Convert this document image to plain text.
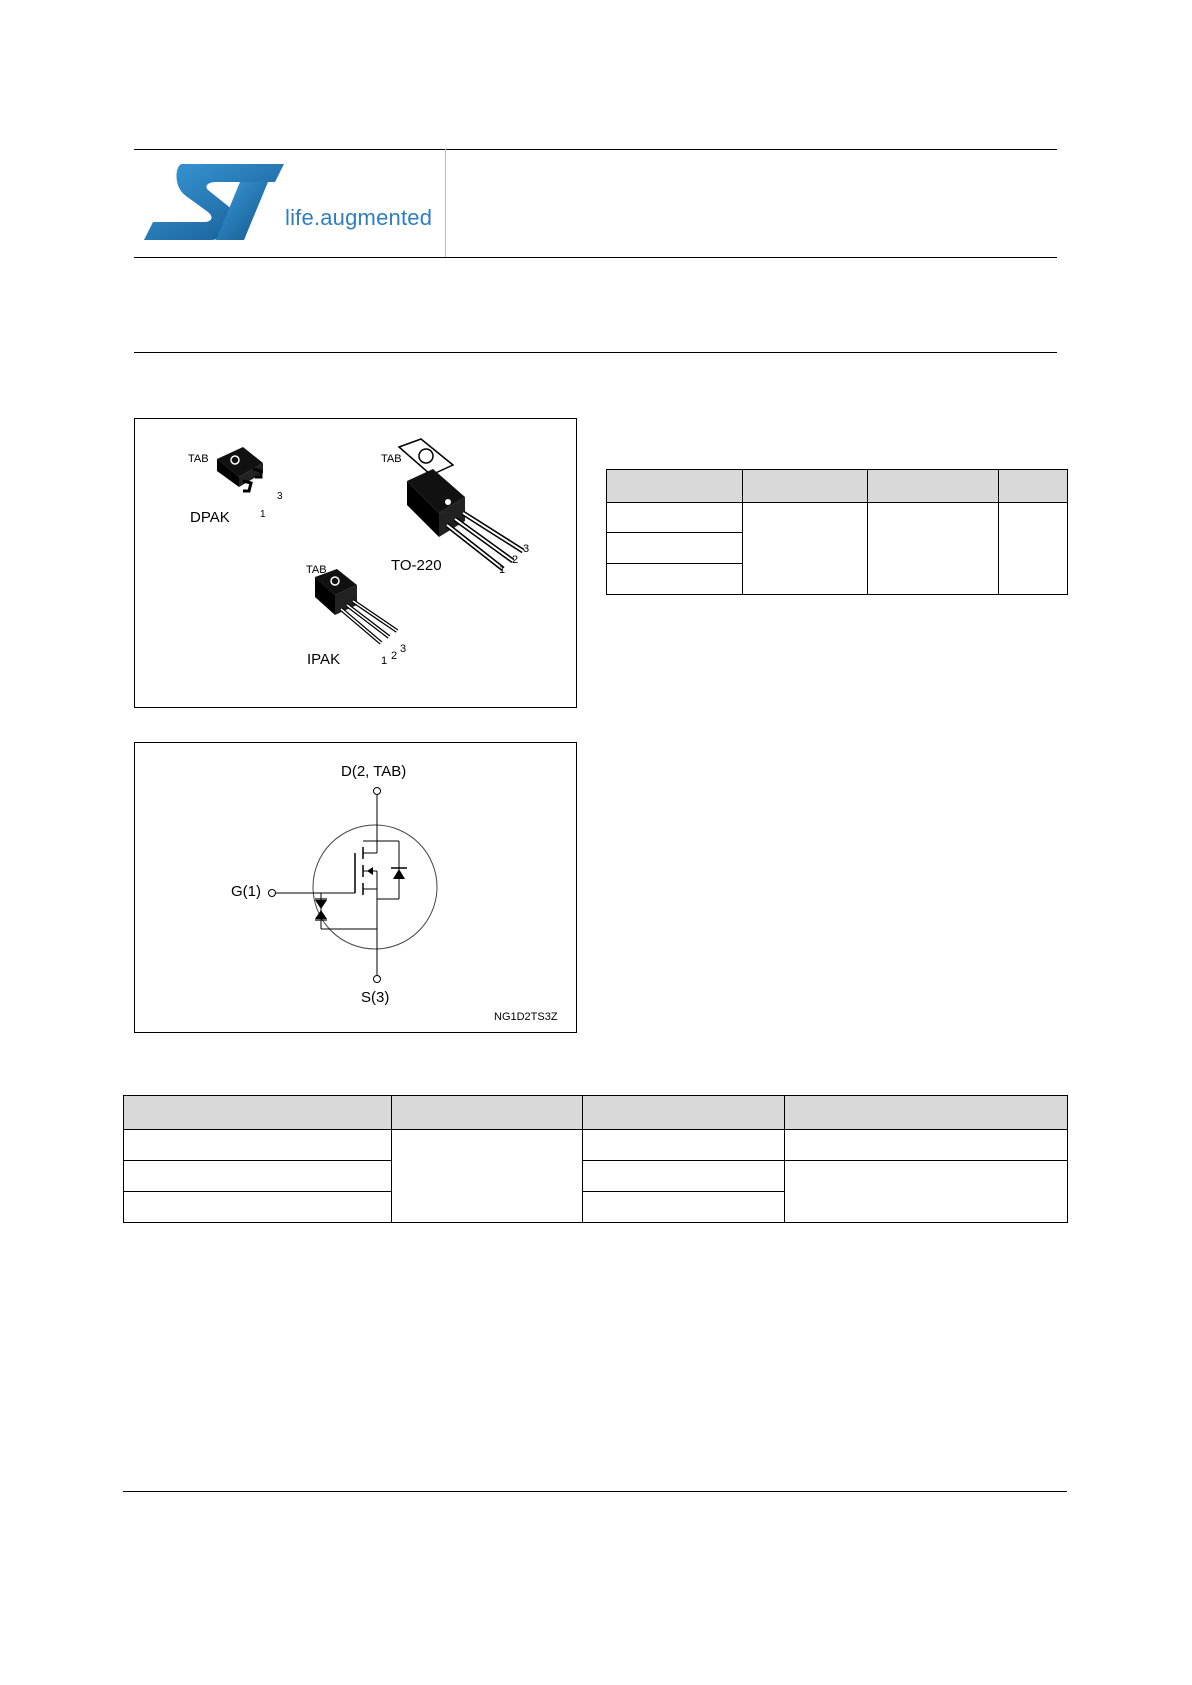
life.augmented
TAB
3
1
DPAK
TAB
TO-220	1
2
3
TAB
IPAK	1 2
3
D(2, TAB)
G(1)
S(3)
NG1D2TS3Z
